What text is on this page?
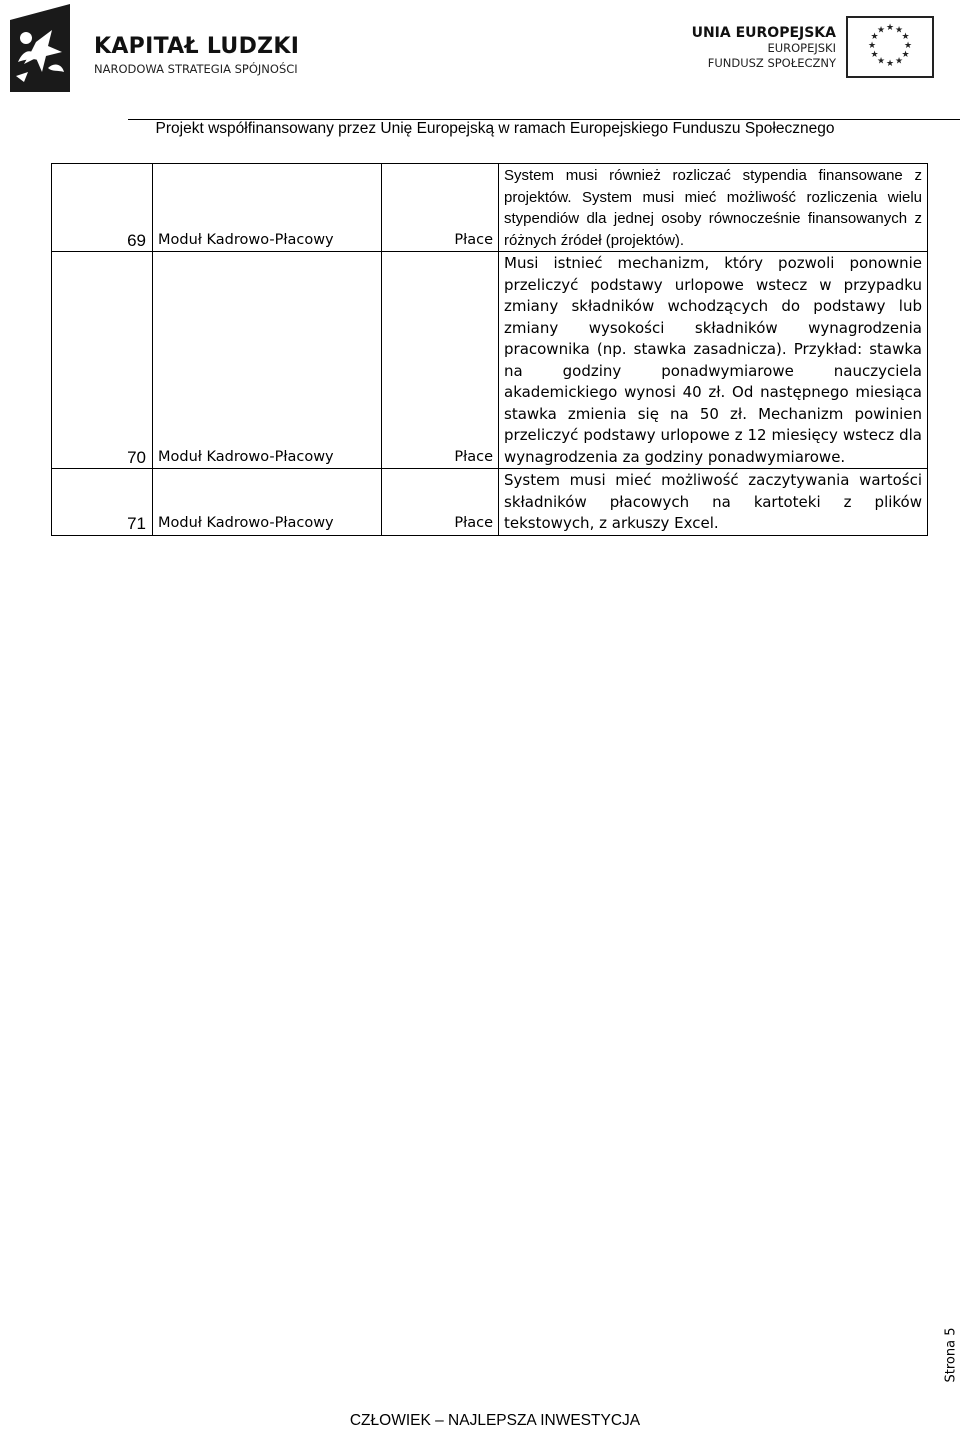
KAPITAŁ LUDZKI
NARODOWA STRATEGIA SPÓJNOŚCI
UNIA EUROPEJSKA
EUROPEJSKI
FUNDUSZ SPOŁECZNY
★ ★
★
★
★
★
★
★
★
★
★
★
Projekt współfinansowany przez Unię Europejską w ramach Europejskiego Funduszu Społecznego
69	Moduł Kadrowo-Płacowy	Płace	System musi również rozliczać stypendia finansowane z projektów. System musi mieć możliwość rozliczenia wielu stypendiów dla jednej osoby równocześnie finansowanych z różnych źródeł (projektów).
70	Moduł Kadrowo-Płacowy	Płace	Musi istnieć mechanizm, który pozwoli ponownie przeliczyć podstawy urlopowe wstecz w przypadku zmiany składników wchodzących do podstawy lub zmiany wysokości składników wynagrodzenia pracownika (np. stawka zasadnicza). Przykład: stawka na godziny ponadwymiarowe nauczyciela akademickiego wynosi 40 zł. Od następnego miesiąca stawka zmienia się na 50 zł. Mechanizm powinien przeliczyć podstawy urlopowe z 12 miesięcy wstecz dla wynagrodzenia za godziny ponadwymiarowe.
71	Moduł Kadrowo-Płacowy	Płace	System musi mieć możliwość zaczytywania wartości składników płacowych na kartoteki z plików tekstowych, z arkuszy Excel.
Strona 5
CZŁOWIEK – NAJLEPSZA INWESTYCJA
